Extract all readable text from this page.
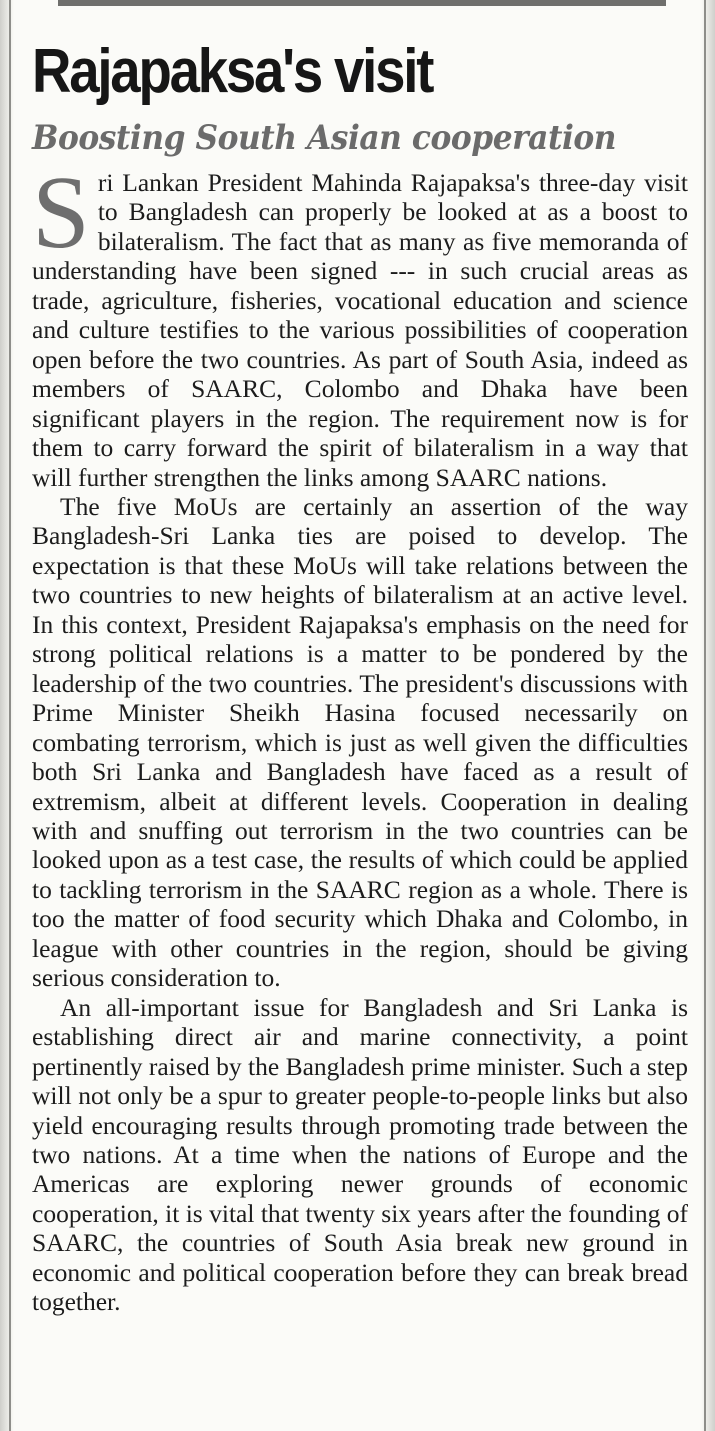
Rajapaksa's visit
Boosting South Asian cooperation

Sri Lankan President Mahinda Rajapaksa's three-day visit to Bangladesh can properly be looked at as a boost to bilateralism. The fact that as many as five memoranda of understanding have been signed --- in such crucial areas as trade, agriculture, fisheries, vocational education and science and culture testifies to the various possibilities of cooperation open before the two countries. As part of South Asia, indeed as members of SAARC, Colombo and Dhaka have been significant players in the region. The requirement now is for them to carry forward the spirit of bilateralism in a way that will further strengthen the links among SAARC nations.

The five MoUs are certainly an assertion of the way Bangladesh-Sri Lanka ties are poised to develop. The expectation is that these MoUs will take relations between the two countries to new heights of bilateralism at an active level. In this context, President Rajapaksa's emphasis on the need for strong political relations is a matter to be pondered by the leadership of the two countries. The president's discussions with Prime Minister Sheikh Hasina focused necessarily on combating terrorism, which is just as well given the difficulties both Sri Lanka and Bangladesh have faced as a result of extremism, albeit at different levels. Cooperation in dealing with and snuffing out terrorism in the two countries can be looked upon as a test case, the results of which could be applied to tackling terrorism in the SAARC region as a whole. There is too the matter of food security which Dhaka and Colombo, in league with other countries in the region, should be giving serious consideration to.

An all-important issue for Bangladesh and Sri Lanka is establishing direct air and marine connectivity, a point pertinently raised by the Bangladesh prime minister. Such a step will not only be a spur to greater people-to-people links but also yield encouraging results through promoting trade between the two nations. At a time when the nations of Europe and the Americas are exploring newer grounds of economic cooperation, it is vital that twenty six years after the founding of SAARC, the countries of South Asia break new ground in economic and political cooperation before they can break bread together.
